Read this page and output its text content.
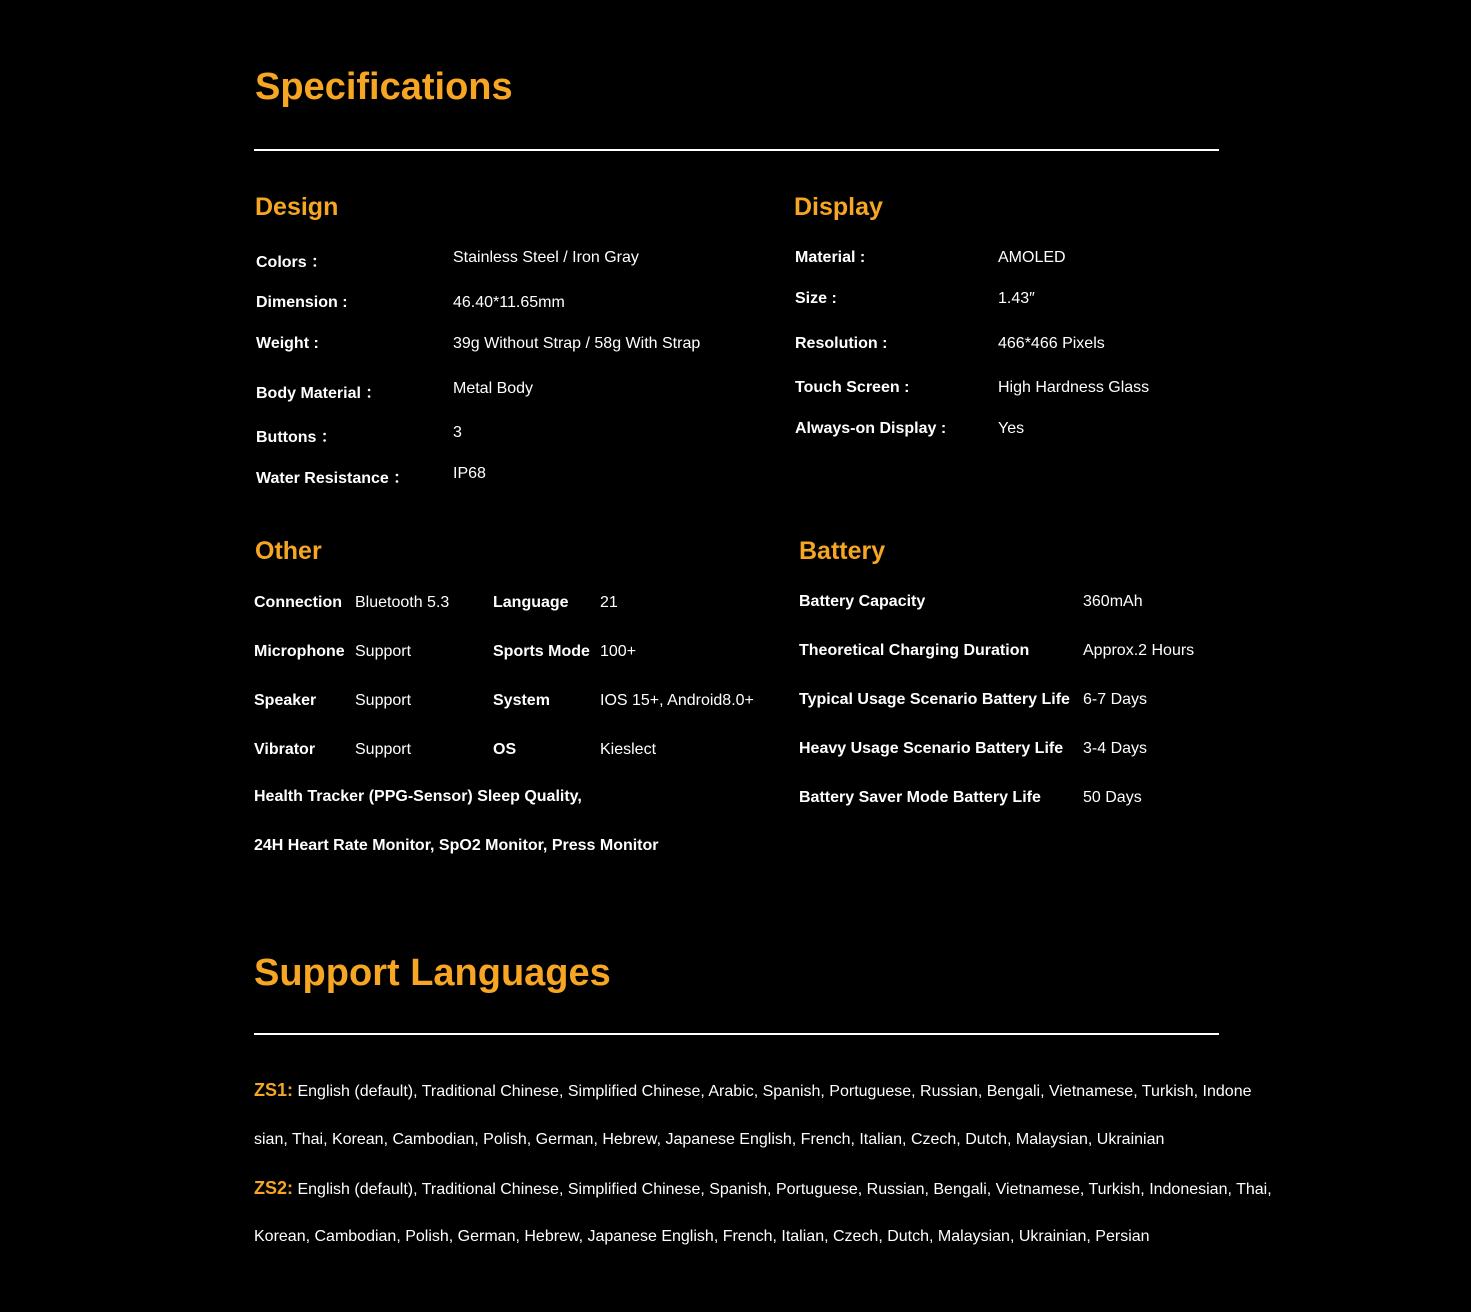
Specifications
Design
Colors ：	Stainless Steel / Iron Gray
Dimension :	46.40*11.65mm
Weight :	39g Without Strap / 58g With Strap
Body Material ：	Metal Body
Buttons ：	3
Water Resistance ：	IP68
Display
Material :	AMOLED
Size :	1.43″
Resolution :	466*466 Pixels
Touch Screen :	High Hardness Glass
Always-on Display :	Yes
Other
Connection Bluetooth 5.3	Language 21
Microphone Support	Sports Mode 100+
Speaker Support	System	IOS 15+, Android8.0+
Vibrator Support	OS	Kieslect
Health Tracker (PPG-Sensor) Sleep Quality,
24H Heart Rate Monitor, SpO2 Monitor, Press Monitor
Battery
Battery Capacity	360mAh
Theoretical Charging Duration	Approx.2 Hours
Typical Usage Scenario Battery Life 6-7 Days
Heavy Usage Scenario Battery Life 3-4 Days
Battery Saver Mode Battery Life	50 Days
Support Languages
ZS1: English (default), Traditional Chinese, Simplified Chinese, Arabic, Spanish, Portuguese, Russian, Bengali, Vietnamese, Turkish, Indone
sian, Thai, Korean, Cambodian, Polish, German, Hebrew, Japanese English, French, Italian, Czech, Dutch, Malaysian, Ukrainian
ZS2: English (default), Traditional Chinese, Simplified Chinese, Spanish, Portuguese, Russian, Bengali, Vietnamese, Turkish, Indonesian, Thai,
Korean, Cambodian, Polish, German, Hebrew, Japanese English, French, Italian, Czech, Dutch, Malaysian, Ukrainian, Persian
